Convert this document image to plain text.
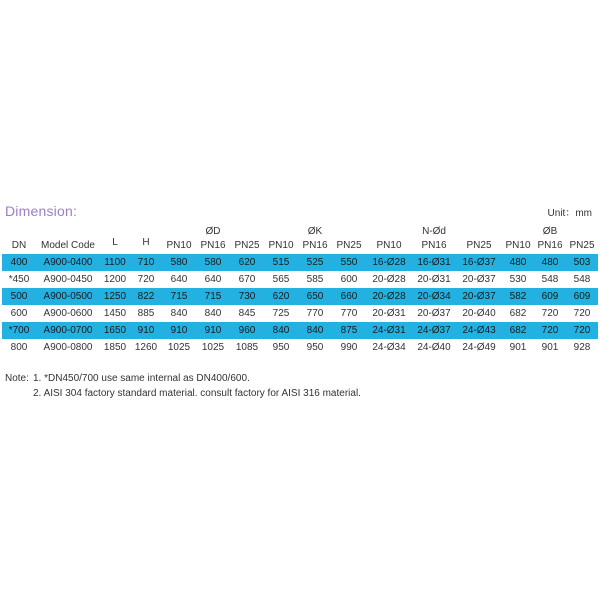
Dimension:	Unit：mm
				ØD			ØK			N-Ød			ØB		
DN	Model Code	L	H	PN10	PN16	PN25	PN10	PN16	PN25	PN10	PN16	PN25	PN10	PN16	PN25
400	A900-0400	1100	710	580	580	620	515	525	550	16-Ø28	16-Ø31	16-Ø37	480	480	503
*450	A900-0450	1200	720	640	640	670	565	585	600	20-Ø28	20-Ø31	20-Ø37	530	548	548
500	A900-0500	1250	822	715	715	730	620	650	660	20-Ø28	20-Ø34	20-Ø37	582	609	609
600	A900-0600	1450	885	840	840	845	725	770	770	20-Ø31	20-Ø37	20-Ø40	682	720	720
*700	A900-0700	1650	910	910	910	960	840	840	875	24-Ø31	24-Ø37	24-Ø43	682	720	720
800	A900-0800	1850	1260	1025	1025	1085	950	950	990	24-Ø34	24-Ø40	24-Ø49	901	901	928
Note: 1. *DN450/700 use same internal as DN400/600.
2. AISI 304 factory standard material. consult factory for AISI 316 material.
